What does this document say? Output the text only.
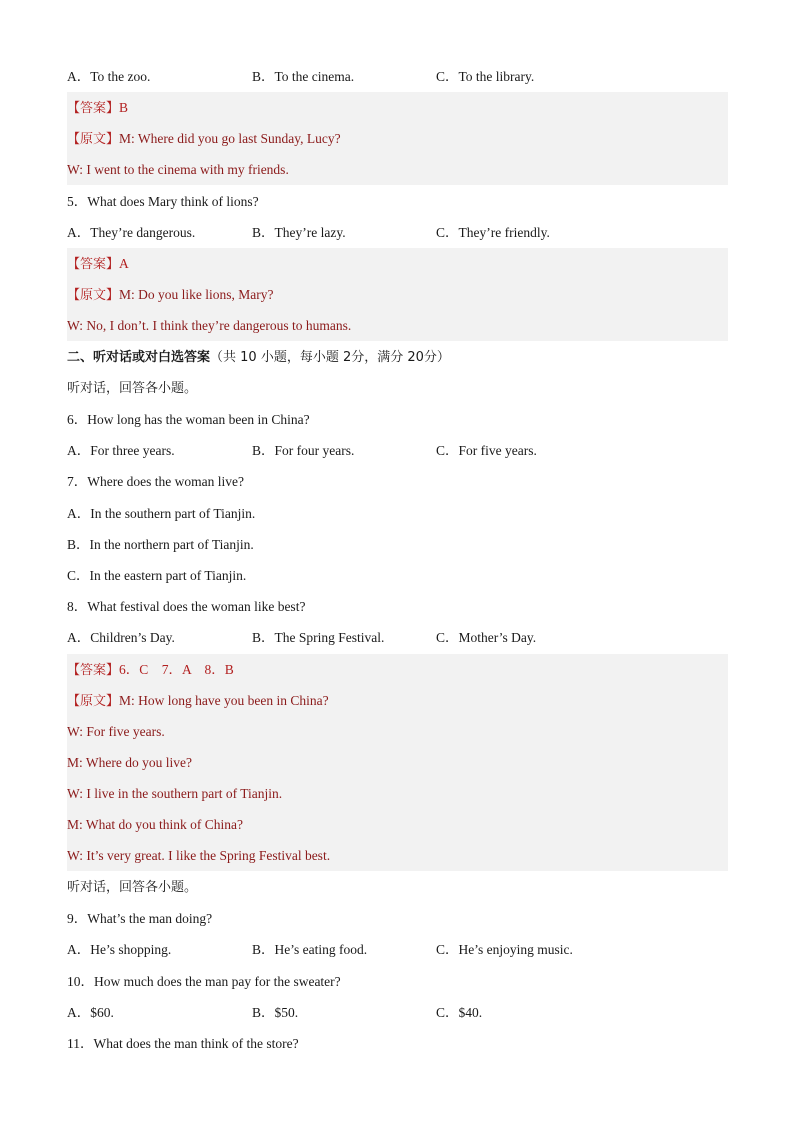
A．To the zoo.	B．To the cinema.	C．To the library.
【答案】B
【原文】M: Where did you go last Sunday, Lucy?
W: I went to the cinema with my friends.
5．What does Mary think of lions?
A．They’re dangerous.	B．They’re lazy.	C．They’re friendly.
【答案】A
【原文】M: Do you like lions, Mary?
W: No, I don’t. I think they’re dangerous to humans.
二、听对话或对白选答案（共 10 小题，每小题 2分，满分 20分）
听对话，回答各小题。
6．How long has the woman been in China?
A．For three years.	B．For four years.	C．For five years.
7．Where does the woman live?
A．In the southern part of Tianjin.
B．In the northern part of Tianjin.
C．In the eastern part of Tianjin.
8．What festival does the woman like best?
A．Children’s Day.	B．The Spring Festival.	C．Mother’s Day.
【答案】6．C　7．A　8．B
【原文】M: How long have you been in China?
W: For five years.
M: Where do you live?
W: I live in the southern part of Tianjin.
M: What do you think of China?
W: It’s very great. I like the Spring Festival best.
听对话，回答各小题。
9．What’s the man doing?
A．He’s shopping.	B．He’s eating food.	C．He’s enjoying music.
10．How much does the man pay for the sweater?
A．$60.	B．$50.	C．$40.
11．What does the man think of the store?
